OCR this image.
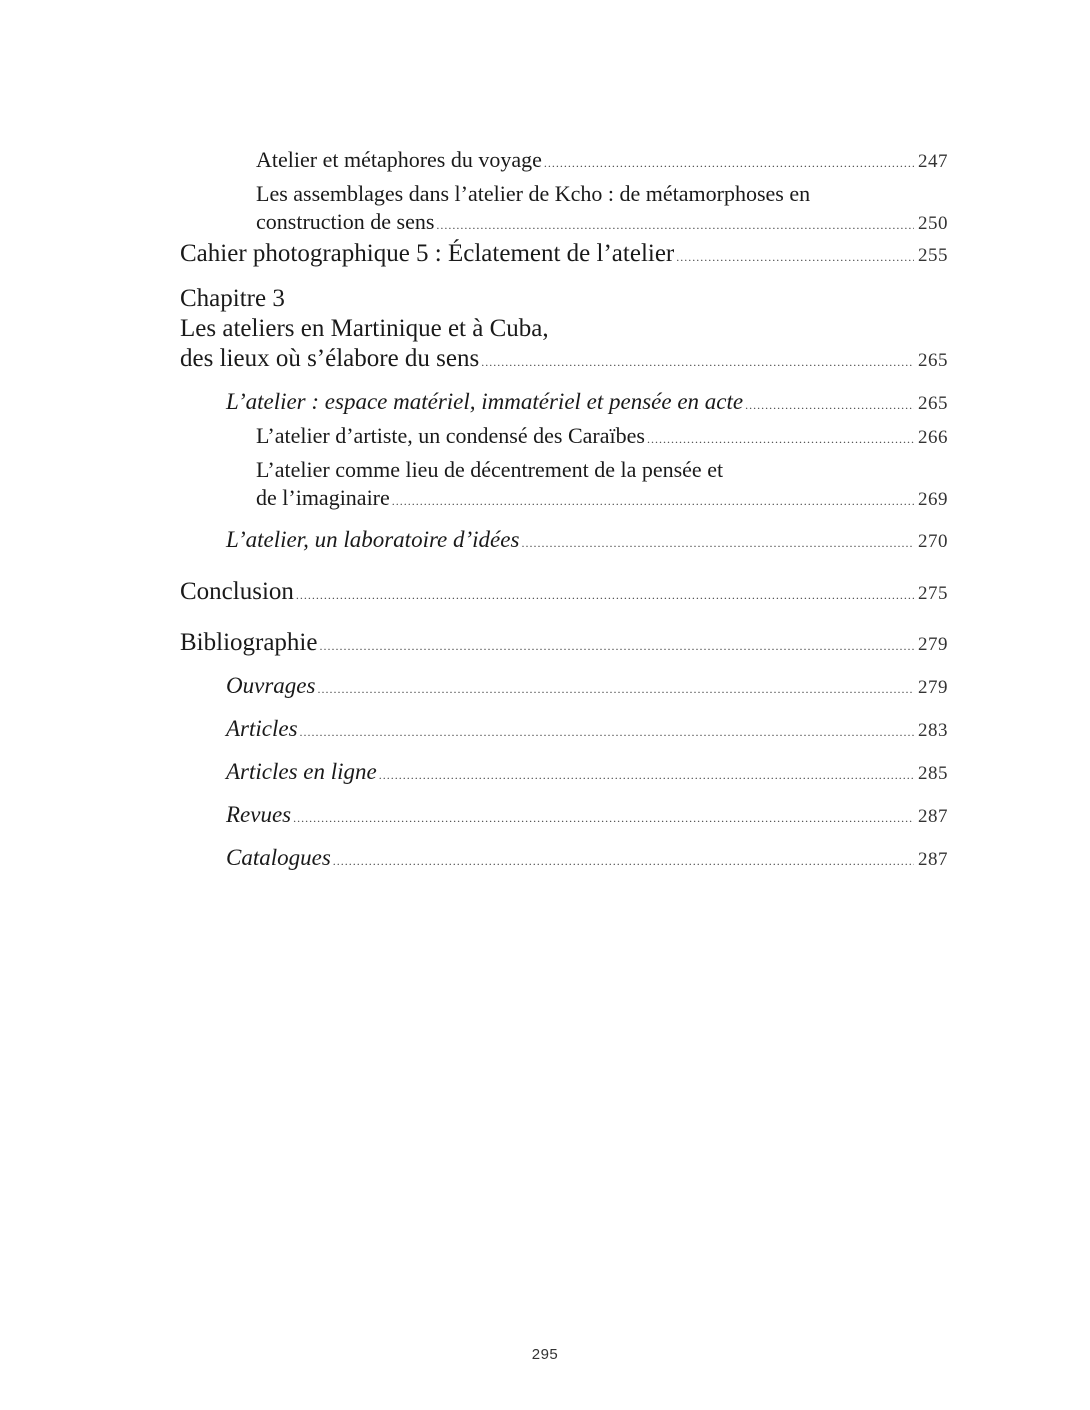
Atelier et métaphores du voyage .....	247
Les assemblages dans l’atelier de Kcho : de métamorphoses en
construction de sens .....	250
Cahier photographique 5 : Éclatement de l’atelier .....	255
Chapitre 3
Les ateliers en Martinique et à Cuba,
des lieux où s’élabore du sens .....	265
L’atelier : espace matériel, immatériel et pensée en acte .....	265
L’atelier d’artiste, un condensé des Caraïbes .....	266
L’atelier comme lieu de décentrement de la pensée et
de l’imaginaire .....	269
L’atelier, un laboratoire d’idées .....	270
Conclusion .....	275
Bibliographie .....	279
Ouvrages .....	279
Articles .....	283
Articles en ligne .....	285
Revues .....	287
Catalogues .....	287
295
